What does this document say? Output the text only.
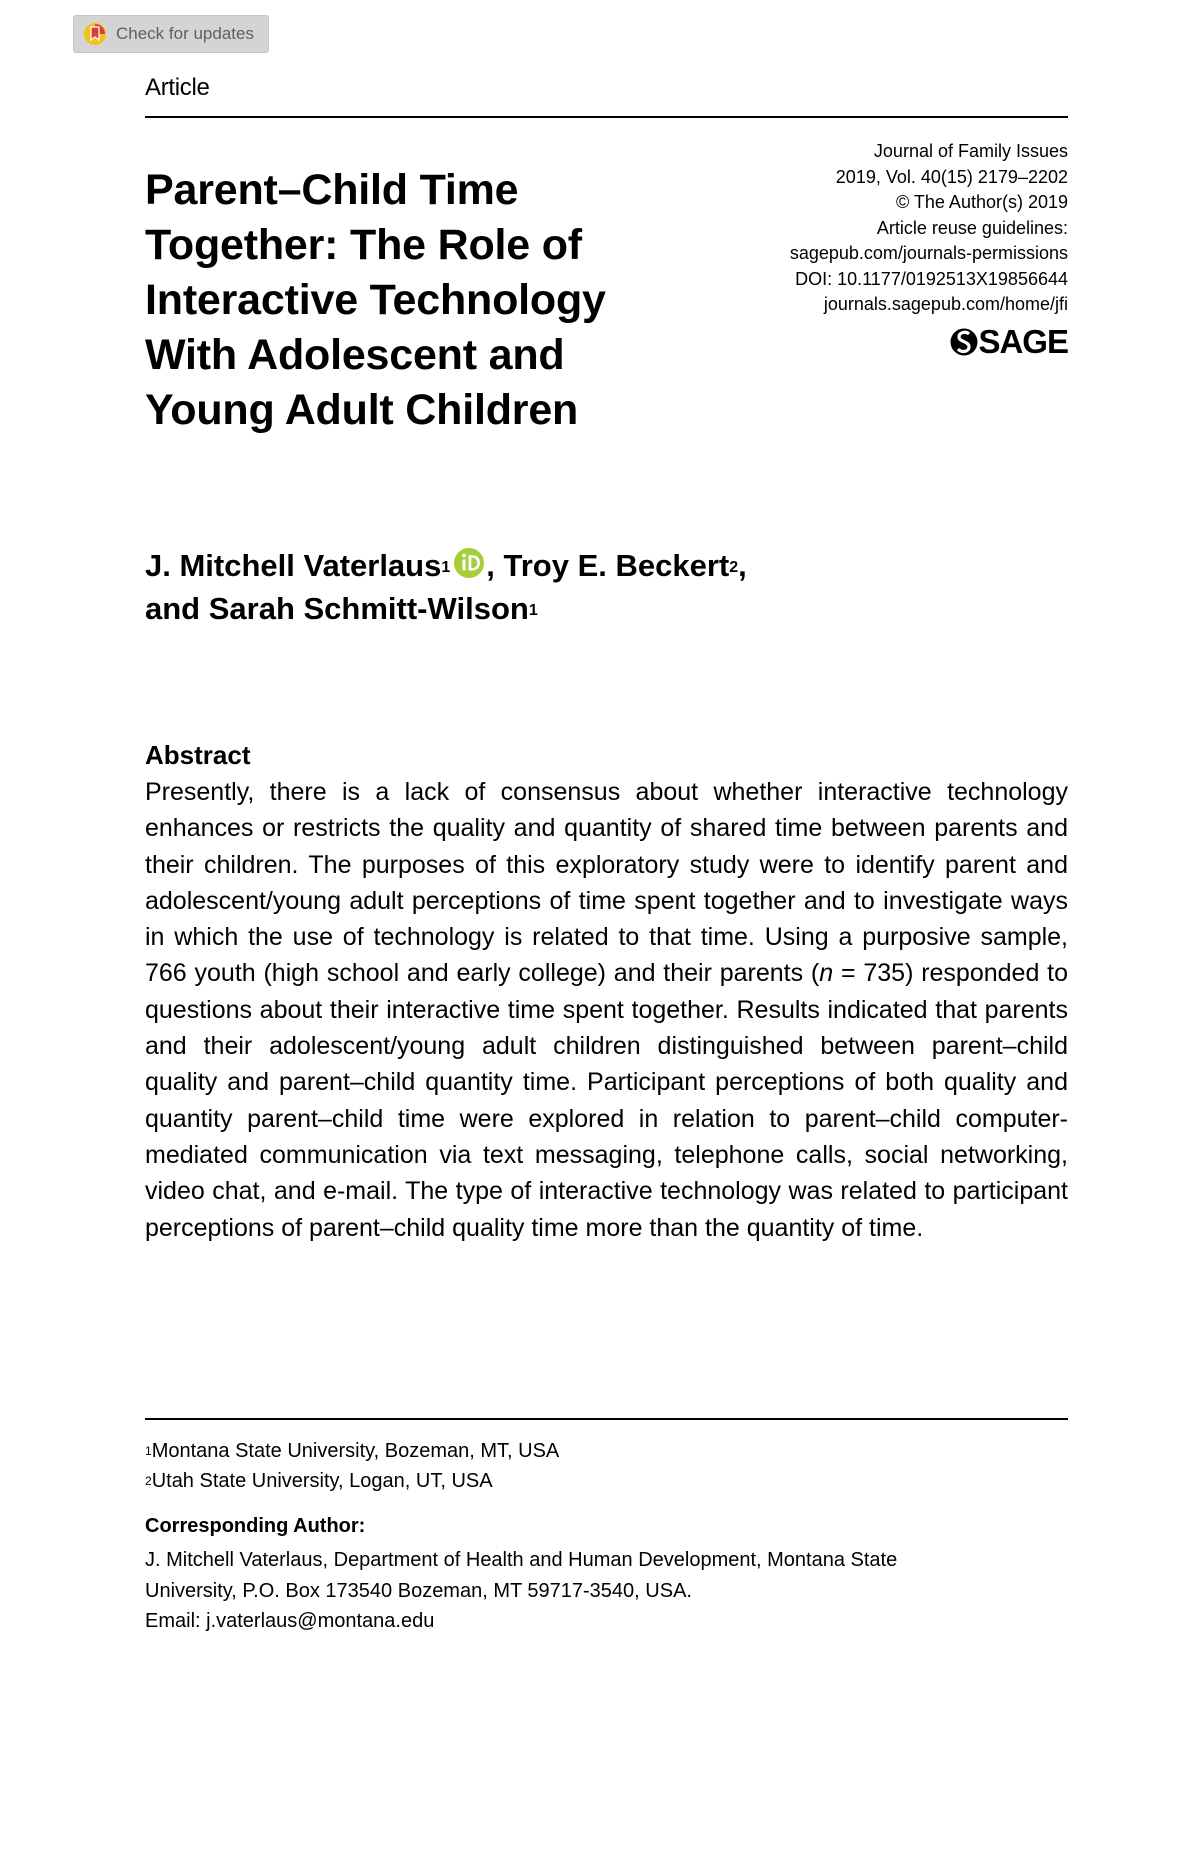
Check for updates
Article
Parent–Child Time
Together: The Role of
Interactive Technology
With Adolescent and
Young Adult Children
Journal of Family Issues
2019, Vol. 40(15) 2179–2202
© The Author(s) 2019
Article reuse guidelines:
sagepub.com/journals-permissions
DOI: 10.1177/0192513X19856644
journals.sagepub.com/home/jfi
SAGE
J. Mitchell Vaterlaus$^1$ , Troy E. Beckert$^2$,
and Sarah Schmitt-Wilson$^1$
Abstract

Presently, there is a lack of consensus about whether interactive technology enhances or restricts the quality and quantity of shared time between parents and their children. The purposes of this exploratory study were to identify parent and adolescent/young adult perceptions of time spent together and to investigate ways in which the use of technology is related to that time. Using a purposive sample, 766 youth (high school and early college) and their parents (n = 735) responded to questions about their interactive time spent together. Results indicated that parents and their adolescent/young adult children distinguished between parent–child quality and parent–child quantity time. Participant perceptions of both quality and quantity parent–child time were explored in relation to parent–child computer-mediated communication via text messaging, telephone calls, social networking, video chat, and e-mail. The type of interactive technology was related to participant perceptions of parent–child quality time more than the quantity of time.

$^1$Montana State University, Bozeman, MT, USA
$^2$Utah State University, Logan, UT, USA
Corresponding Author:
J. Mitchell Vaterlaus, Department of Health and Human Development, Montana State
University, P.O. Box 173540 Bozeman, MT 59717-3540, USA.
Email: j.vaterlaus@montana.edu
